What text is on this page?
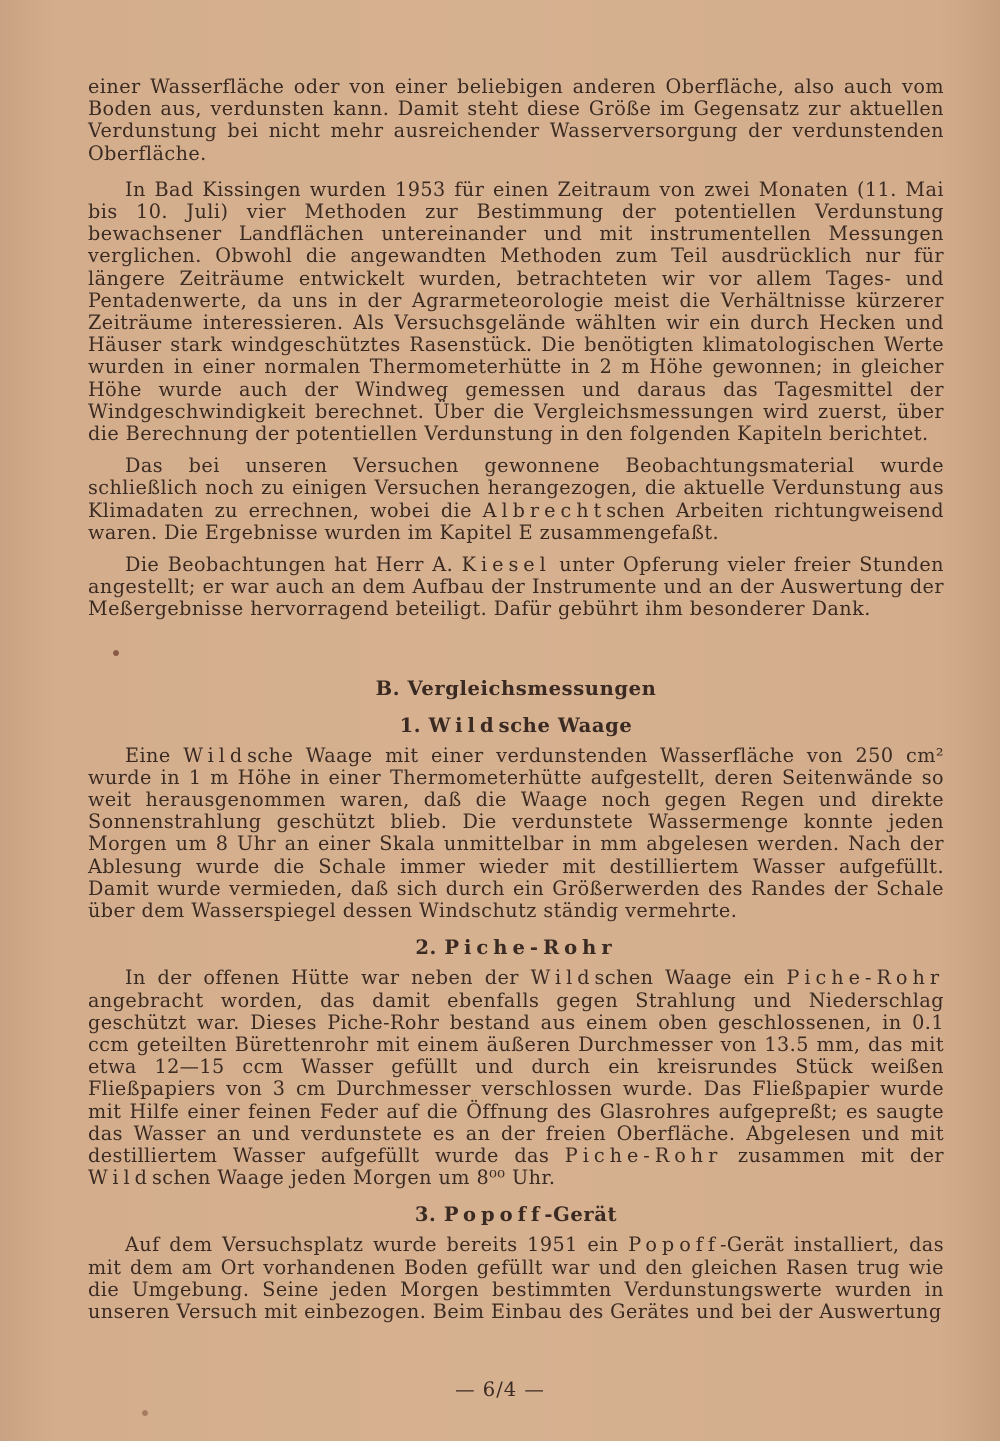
einer Wasserfläche oder von einer beliebigen anderen Oberfläche, also auch vom Boden aus, verdunsten kann. Damit steht diese Größe im Gegensatz zur aktuellen Verdunstung bei nicht mehr ausreichender Wasserversorgung der verdunstenden Oberfläche.

In Bad Kissingen wurden 1953 für einen Zeitraum von zwei Monaten (11. Mai bis 10. Juli) vier Methoden zur Bestimmung der potentiellen Verdunstung bewachsener Landflächen untereinander und mit instrumentellen Messungen verglichen. Obwohl die angewandten Methoden zum Teil ausdrücklich nur für längere Zeiträume entwickelt wurden, betrachteten wir vor allem Tages- und Pentadenwerte, da uns in der Agrarmeteorologie meist die Verhältnisse kürzerer Zeiträume interessieren. Als Versuchsgelände wählten wir ein durch Hecken und Häuser stark windgeschütztes Rasenstück. Die benötigten klimatologischen Werte wurden in einer normalen Thermometerhütte in 2 m Höhe gewonnen; in gleicher Höhe wurde auch der Windweg gemessen und daraus das Tagesmittel der Windgeschwindigkeit berechnet. Über die Vergleichsmessungen wird zuerst, über die Berechnung der potentiellen Verdunstung in den folgenden Kapiteln berichtet.

Das bei unseren Versuchen gewonnene Beobachtungsmaterial wurde schließlich noch zu einigen Versuchen herangezogen, die aktuelle Verdunstung aus Klimadaten zu errechnen, wobei die Albrechtschen Arbeiten richtungweisend waren. Die Ergebnisse wurden im Kapitel E zusammengefaßt.

Die Beobachtungen hat Herr A. Kiesel unter Opferung vieler freier Stunden angestellt; er war auch an dem Aufbau der Instrumente und an der Auswertung der Meßergebnisse hervorragend beteiligt. Dafür gebührt ihm besonderer Dank.

B. Vergleichsmessungen
1. Wildsche Waage

Eine Wildsche Waage mit einer verdunstenden Wasserfläche von 250 cm² wurde in 1 m Höhe in einer Thermometerhütte aufgestellt, deren Seitenwände so weit herausgenommen waren, daß die Waage noch gegen Regen und direkte Sonnenstrahlung geschützt blieb. Die verdunstete Wassermenge konnte jeden Morgen um 8 Uhr an einer Skala unmittelbar in mm abgelesen werden. Nach der Ablesung wurde die Schale immer wieder mit destilliertem Wasser aufgefüllt. Damit wurde vermieden, daß sich durch ein Größerwerden des Randes der Schale über dem Wasserspiegel dessen Windschutz ständig vermehrte.

2. Piche-Rohr

In der offenen Hütte war neben der Wildschen Waage ein Piche-Rohr angebracht worden, das damit ebenfalls gegen Strahlung und Niederschlag geschützt war. Dieses Piche-Rohr bestand aus einem oben geschlossenen, in 0.1 ccm geteilten Bürettenrohr mit einem äußeren Durchmesser von 13.5 mm, das mit etwa 12—15 ccm Wasser gefüllt und durch ein kreisrundes Stück weißen Fließpapiers von 3 cm Durchmesser verschlossen wurde. Das Fließpapier wurde mit Hilfe einer feinen Feder auf die Öffnung des Glasrohres aufgepreßt; es saugte das Wasser an und verdunstete es an der freien Oberfläche. Abgelesen und mit destilliertem Wasser aufgefüllt wurde das Piche-Rohr zusammen mit der Wildschen Waage jeden Morgen um 8⁰⁰ Uhr.

3. Popoff-Gerät

Auf dem Versuchsplatz wurde bereits 1951 ein Popoff-Gerät installiert, das mit dem am Ort vorhandenen Boden gefüllt war und den gleichen Rasen trug wie die Umgebung. Seine jeden Morgen bestimmten Verdunstungswerte wurden in unseren Versuch mit einbezogen. Beim Einbau des Gerätes und bei der Auswertung

— 6/4 —
